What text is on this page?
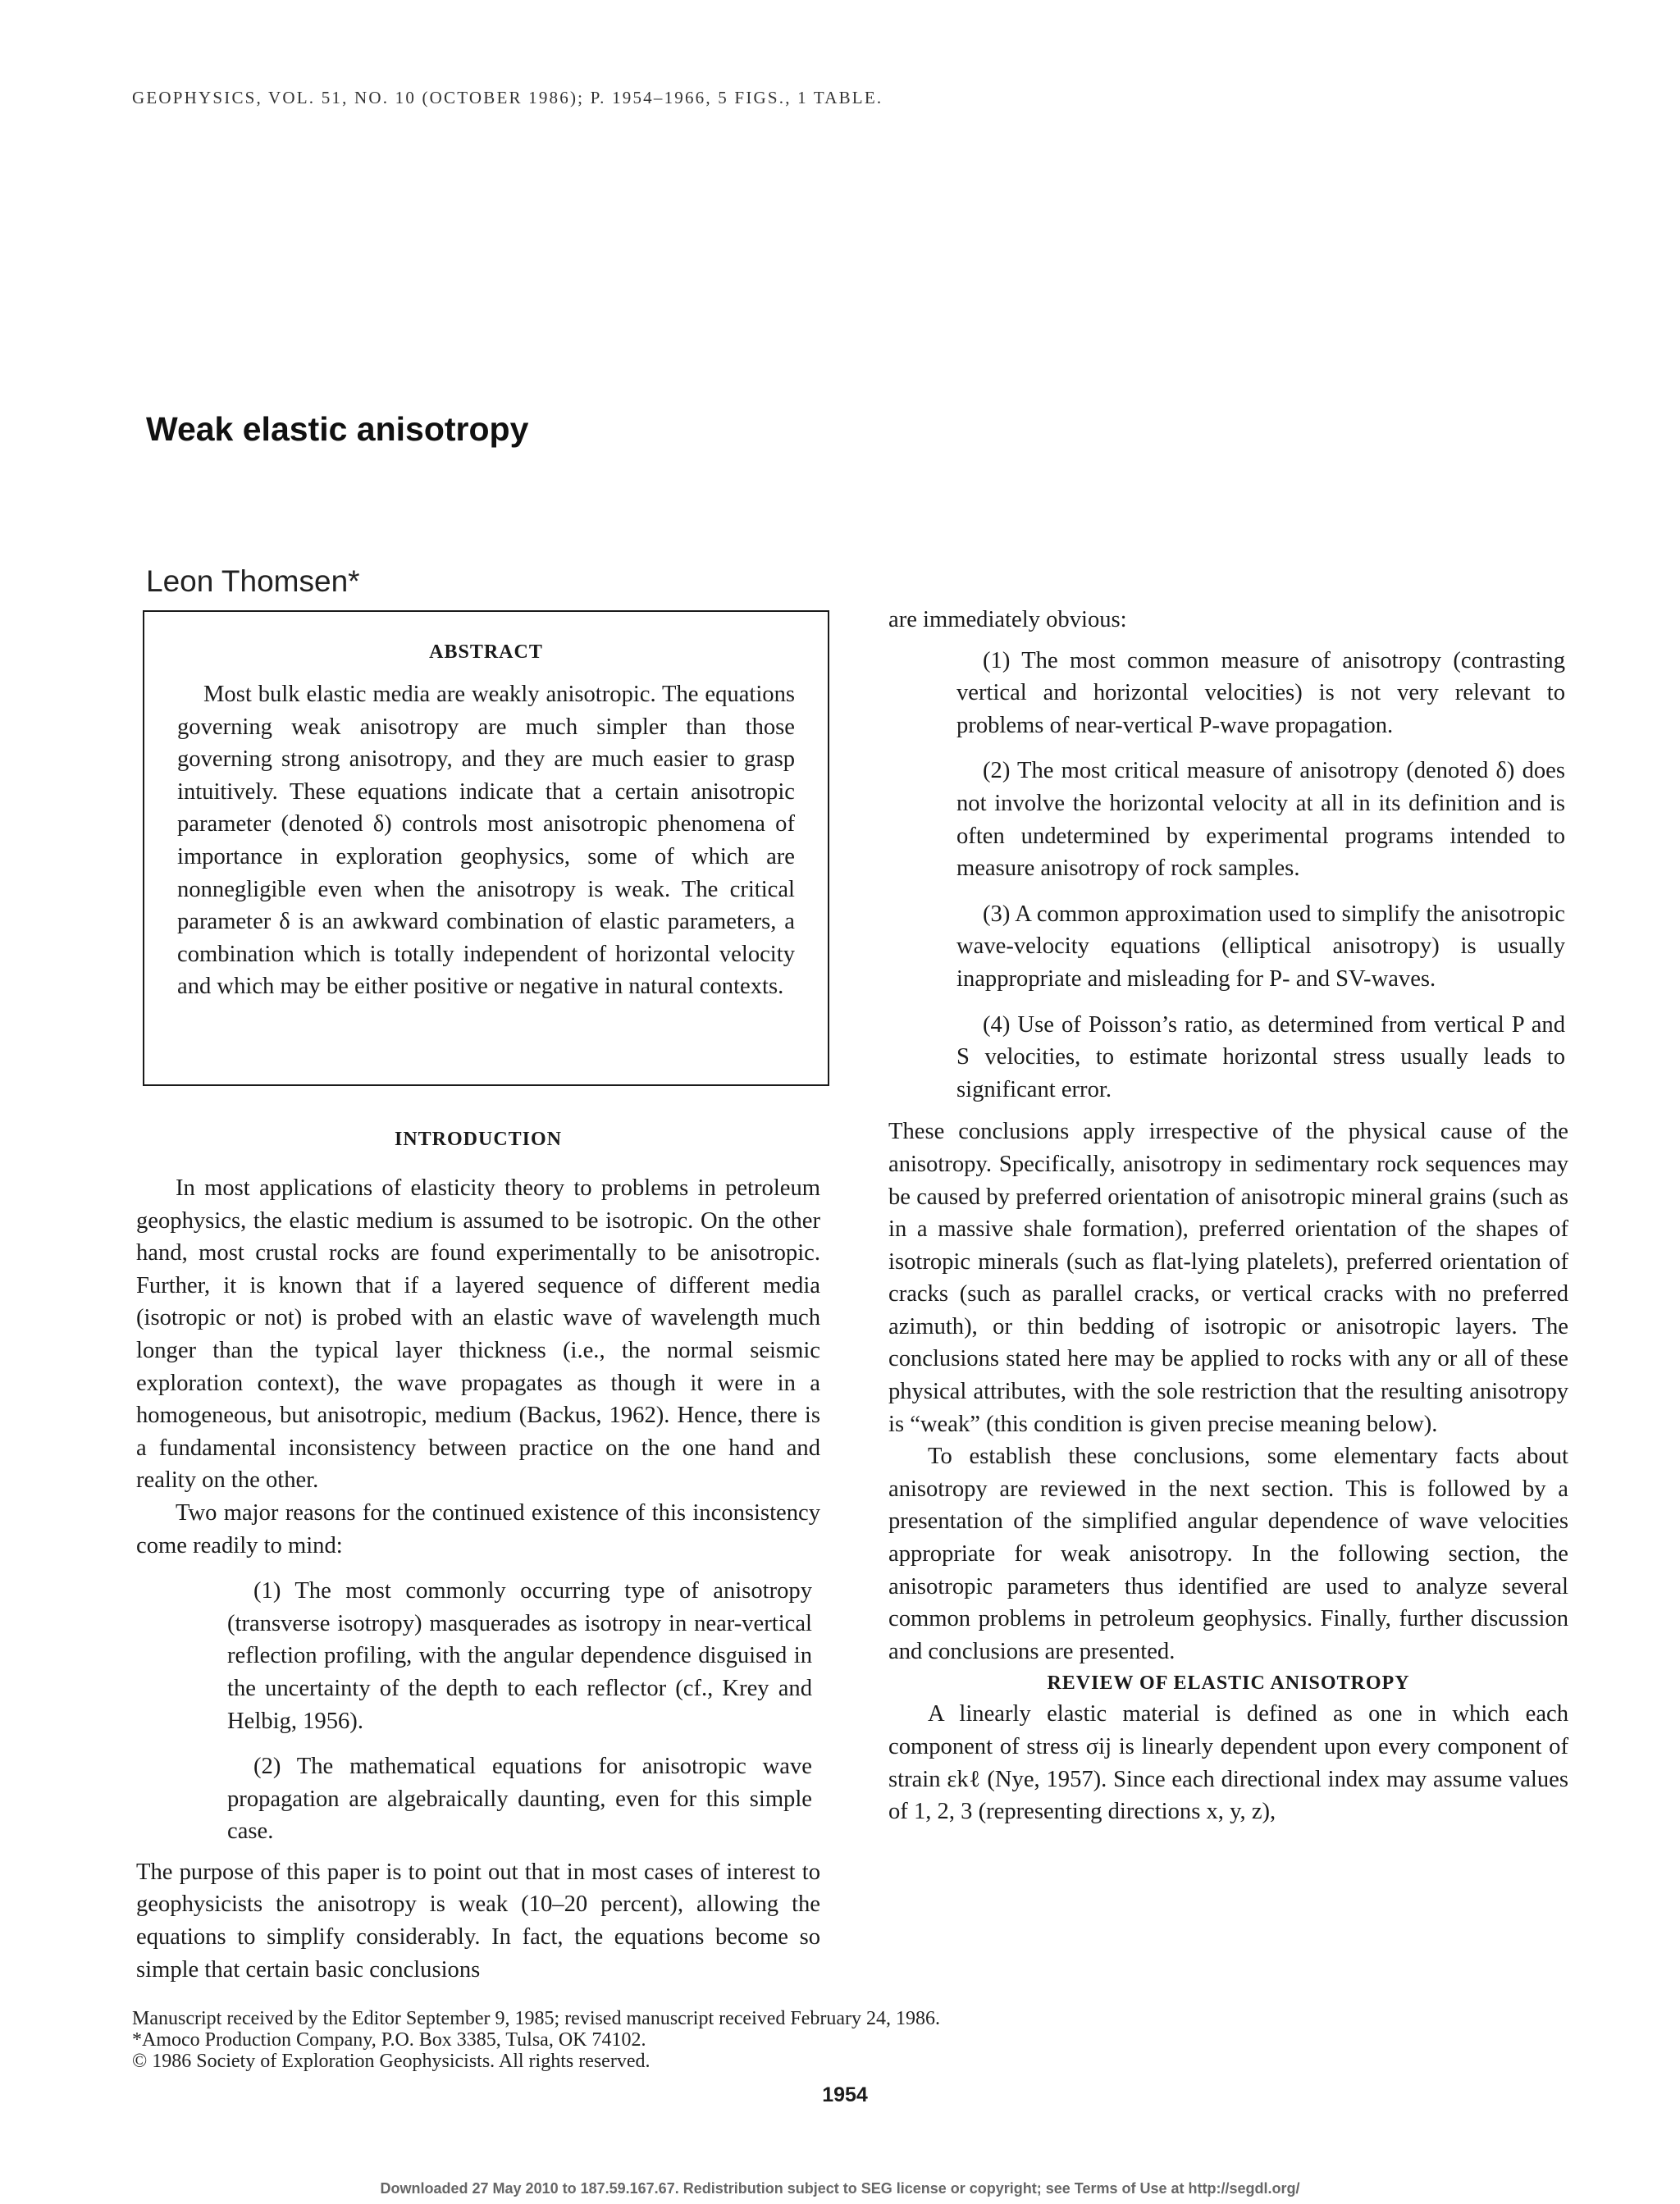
GEOPHYSICS, VOL. 51, NO. 10 (OCTOBER 1986); P. 1954–1966, 5 FIGS., 1 TABLE.
Weak elastic anisotropy
Leon Thomsen*
ABSTRACT

Most bulk elastic media are weakly anisotropic. The equations governing weak anisotropy are much simpler than those governing strong anisotropy, and they are much easier to grasp intuitively. These equations indicate that a certain anisotropic parameter (denoted δ) controls most anisotropic phenomena of importance in exploration geophysics, some of which are nonnegligible even when the anisotropy is weak. The critical parameter δ is an awkward combination of elastic parameters, a combination which is totally independent of horizontal velocity and which may be either positive or negative in natural contexts.

INTRODUCTION

In most applications of elasticity theory to problems in petroleum geophysics, the elastic medium is assumed to be isotropic. On the other hand, most crustal rocks are found experimentally to be anisotropic. Further, it is known that if a layered sequence of different media (isotropic or not) is probed with an elastic wave of wavelength much longer than the typical layer thickness (i.e., the normal seismic exploration context), the wave propagates as though it were in a homogeneous, but anisotropic, medium (Backus, 1962). Hence, there is a fundamental inconsistency between practice on the one hand and reality on the other.

Two major reasons for the continued existence of this inconsistency come readily to mind:

(1) The most commonly occurring type of anisotropy (transverse isotropy) masquerades as isotropy in near-vertical reflection profiling, with the angular dependence disguised in the uncertainty of the depth to each reflector (cf., Krey and Helbig, 1956).

(2) The mathematical equations for anisotropic wave propagation are algebraically daunting, even for this simple case.

The purpose of this paper is to point out that in most cases of interest to geophysicists the anisotropy is weak (10–20 percent), allowing the equations to simplify considerably. In fact, the equations become so simple that certain basic conclusions

are immediately obvious:

(1) The most common measure of anisotropy (contrasting vertical and horizontal velocities) is not very relevant to problems of near-vertical P-wave propagation.

(2) The most critical measure of anisotropy (denoted δ) does not involve the horizontal velocity at all in its definition and is often undetermined by experimental programs intended to measure anisotropy of rock samples.

(3) A common approximation used to simplify the anisotropic wave-velocity equations (elliptical anisotropy) is usually inappropriate and misleading for P- and SV-waves.

(4) Use of Poisson’s ratio, as determined from vertical P and S velocities, to estimate horizontal stress usually leads to significant error.

These conclusions apply irrespective of the physical cause of the anisotropy. Specifically, anisotropy in sedimentary rock sequences may be caused by preferred orientation of anisotropic mineral grains (such as in a massive shale formation), preferred orientation of the shapes of isotropic minerals (such as flat-lying platelets), preferred orientation of cracks (such as parallel cracks, or vertical cracks with no preferred azimuth), or thin bedding of isotropic or anisotropic layers. The conclusions stated here may be applied to rocks with any or all of these physical attributes, with the sole restriction that the resulting anisotropy is “weak” (this condition is given precise meaning below).

To establish these conclusions, some elementary facts about anisotropy are reviewed in the next section. This is followed by a presentation of the simplified angular dependence of wave velocities appropriate for weak anisotropy. In the following section, the anisotropic parameters thus identified are used to analyze several common problems in petroleum geophysics. Finally, further discussion and conclusions are presented.

REVIEW OF ELASTIC ANISOTROPY

A linearly elastic material is defined as one in which each component of stress σij is linearly dependent upon every component of strain εkℓ (Nye, 1957). Since each directional index may assume values of 1, 2, 3 (representing directions x, y, z),

Manuscript received by the Editor September 9, 1985; revised manuscript received February 24, 1986.
*Amoco Production Company, P.O. Box 3385, Tulsa, OK 74102.
© 1986 Society of Exploration Geophysicists. All rights reserved.
1954
Downloaded 27 May 2010 to 187.59.167.67. Redistribution subject to SEG license or copyright; see Terms of Use at http://segdl.org/
